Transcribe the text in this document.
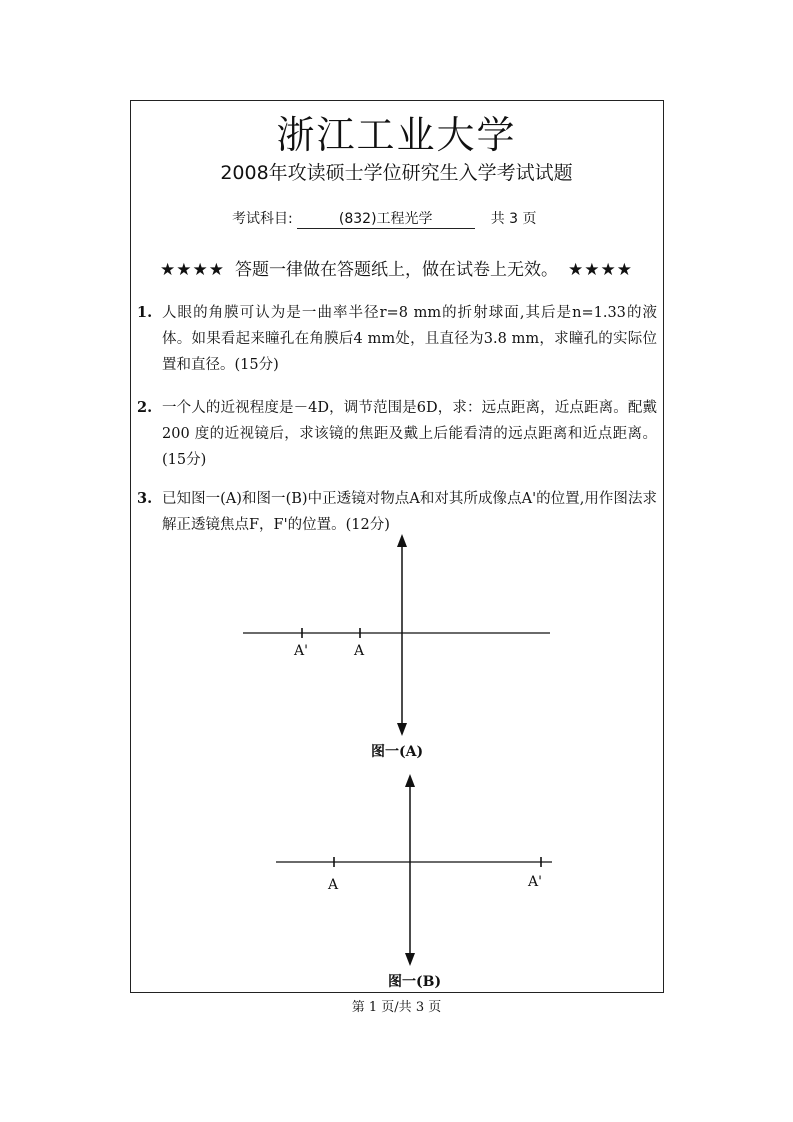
浙江工业大学
2008年攻读硕士学位研究生入学考试试题
考试科目:	(832)工程光学	共 3 页
★★★★ 答题一律做在答题纸上，做在试卷上无效。 ★★★★
1. 人眼的角膜可认为是一曲率半径r=8 mm的折射球面,其后是n=1.33的液体。如果看起来瞳孔在角膜后4 mm处，且直径为3.8 mm，求瞳孔的实际位置和直径。(15分)
2. 一个人的近视程度是－4D，调节范围是6D，求：远点距离，近点距离。配戴 200 度的近视镜后，求该镜的焦距及戴上后能看清的远点距离和近点距离。(15分)
3. 已知图一(A)和图一(B)中正透镜对物点A和对其所成像点A'的位置,用作图法求解正透镜焦点F，F'的位置。(12分)
A'	A
A	A'
图一(A)
图一(B)
第 1 页/共 3 页
